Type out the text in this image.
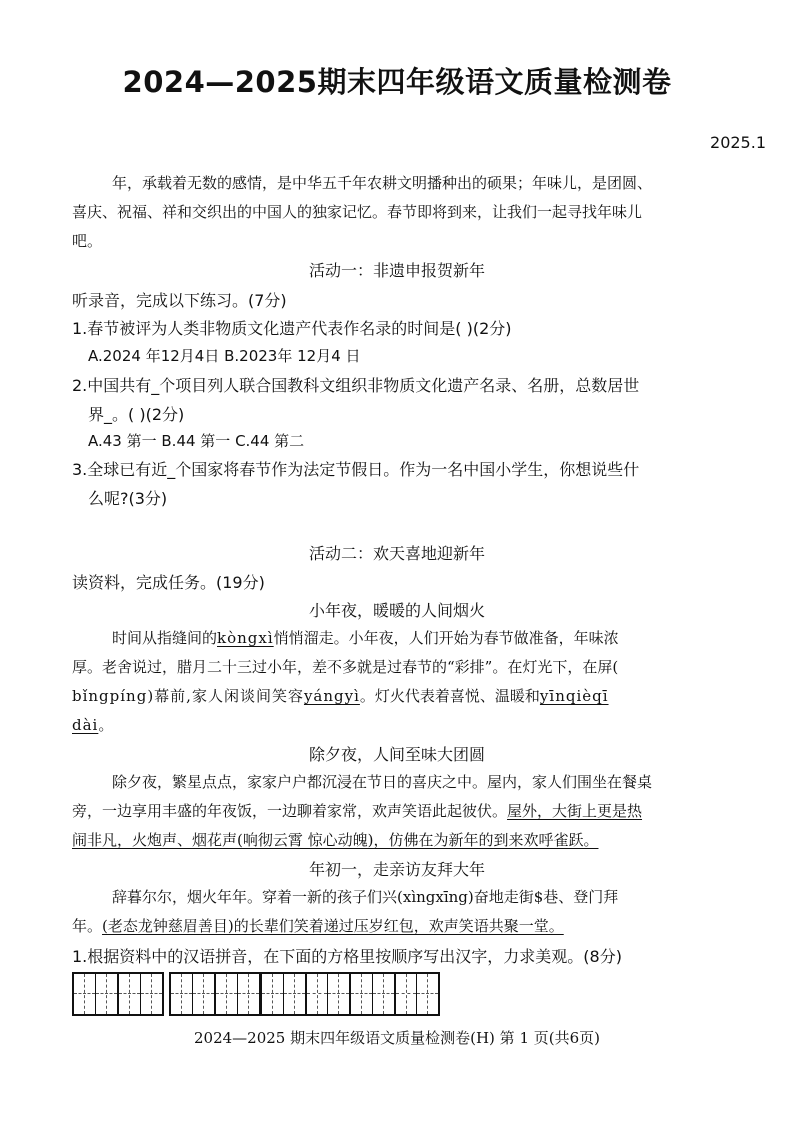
2024—2025期末四年级语文质量检测卷
2025.1
年，承载着无数的感情，是中华五千年农耕文明播种出的硕果；年味儿，是团圆、
喜庆、祝福、祥和交织出的中国人的独家记忆。春节即将到来，让我们一起寻找年味儿
吧。
活动一：非遗申报贺新年
听录音，完成以下练习。(7分)
1.春节被评为人类非物质文化遗产代表作名录的时间是( )(2分)
A.2024 年12月4日 B.2023年 12月4 日
2.中国共有_个项目列人联合国教科文组织非物质文化遗产名录、名册，总数居世
界_。( )(2分)
A.43 第一 B.44 第一 C.44 第二
3.全球已有近_个国家将春节作为法定节假日。作为一名中国小学生，你想说些什
么呢?(3分)
活动二：欢天喜地迎新年
读资料，完成任务。(19分)
小年夜，暖暖的人间烟火
时间从指缝间的kòngxì悄悄溜走。小年夜，人们开始为春节做准备，年味浓
厚。老舍说过，腊月二十三过小年，差不多就是过春节的“彩排”。在灯光下，在屏(
bǐngpíng)幕前,家人闲谈间笑容yángyì。灯火代表着喜悦、温暖和yīnqièqī
dài。
除夕夜，人间至味大团圆
除夕夜，繁星点点，家家户户都沉浸在节日的喜庆之中。屋内，家人们围坐在餐桌
旁，一边享用丰盛的年夜饭，一边聊着家常，欢声笑语此起彼伏。屋外，大街上更是热
闹非凡，火炮声、烟花声(响彻云霄 惊心动魄)，仿佛在为新年的到来欢呼雀跃。
年初一，走亲访友拜大年
辞暮尔尔，烟火年年。穿着一新的孩子们兴(xìngxīng)奋地走街$巷、登门拜
年。(老态龙钟慈眉善目)的长辈们笑着递过压岁红包，欢声笑语共聚一堂。
1.根据资料中的汉语拼音，在下面的方格里按顺序写出汉字，力求美观。(8分)
2024—2025 期末四年级语文质量检测卷(H) 第 1 页(共6页)
